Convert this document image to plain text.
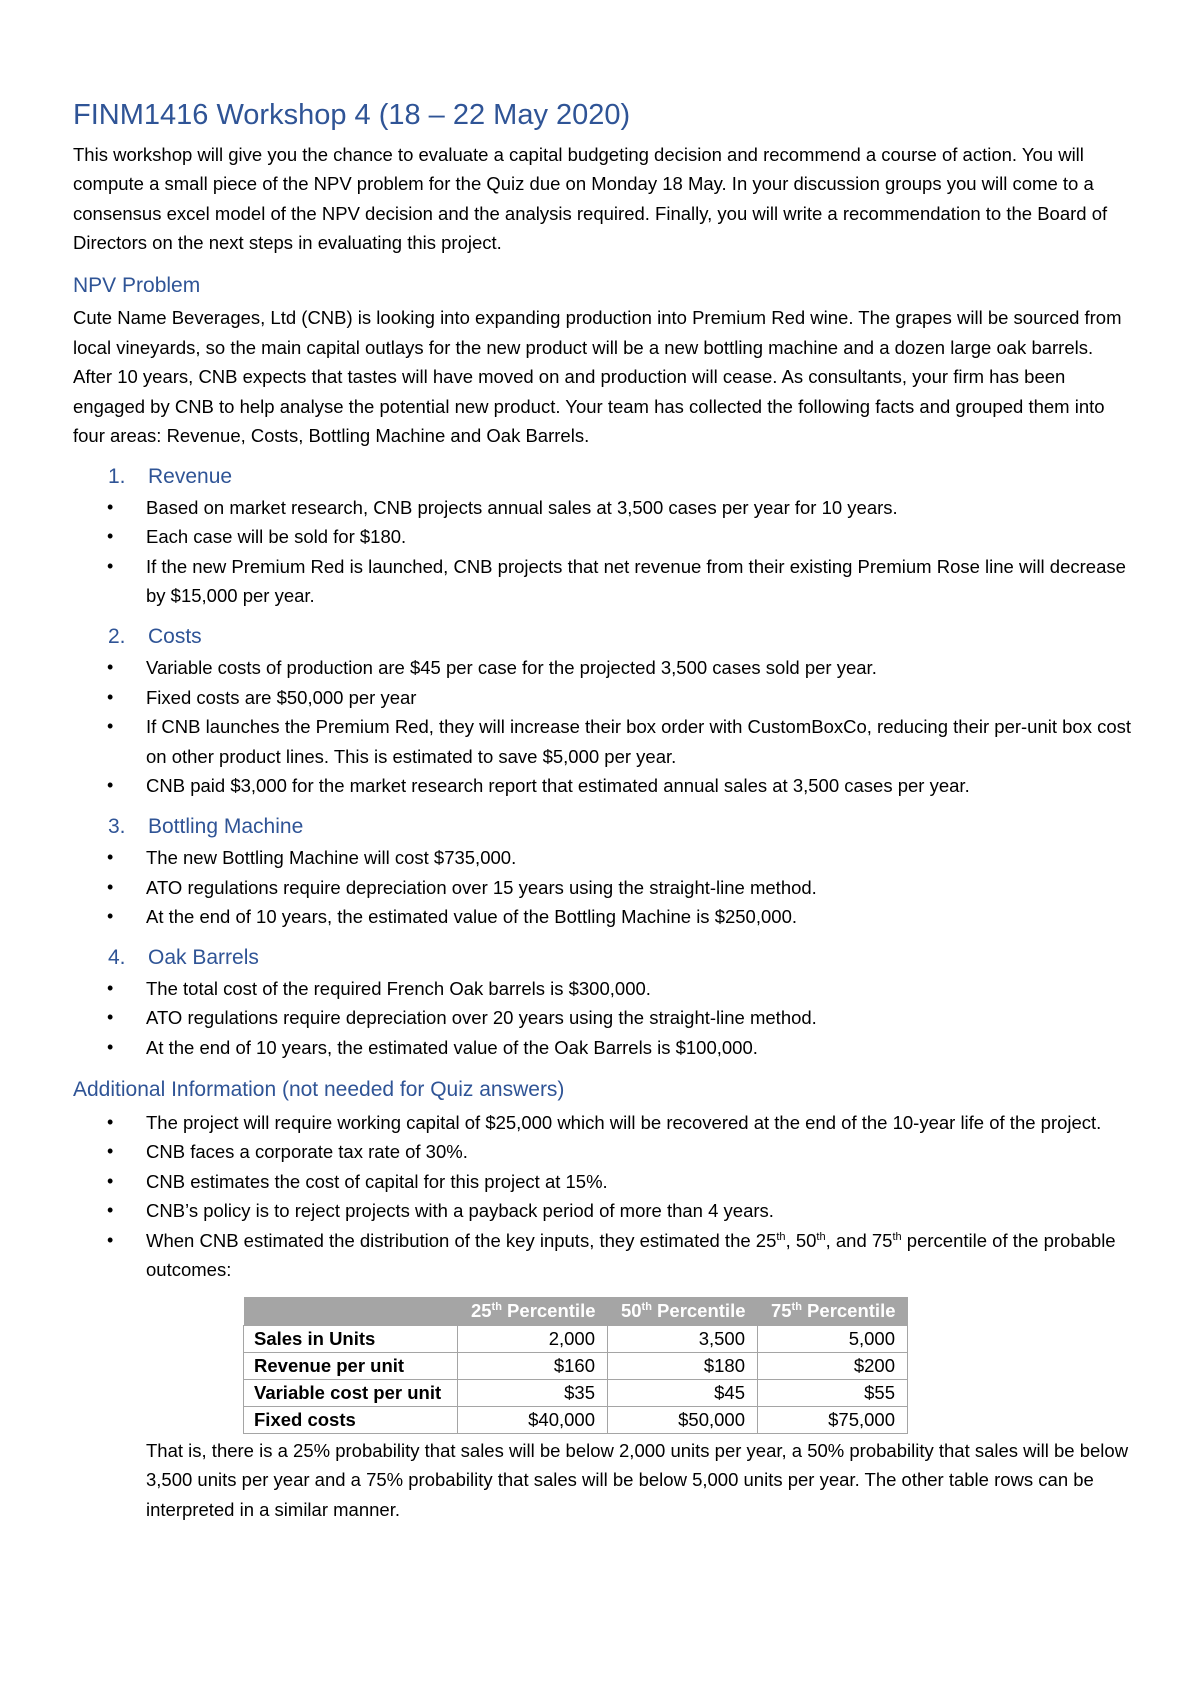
FINM1416 Workshop 4 (18 – 22 May 2020)

This workshop will give you the chance to evaluate a capital budgeting decision and recommend a course of action. You will compute a small piece of the NPV problem for the Quiz due on Monday 18 May. In your discussion groups you will come to a consensus excel model of the NPV decision and the analysis required. Finally, you will write a recommendation to the Board of Directors on the next steps in evaluating this project.

NPV Problem

Cute Name Beverages, Ltd (CNB) is looking into expanding production into Premium Red wine. The grapes will be sourced from local vineyards, so the main capital outlays for the new product will be a new bottling machine and a dozen large oak barrels. After 10 years, CNB expects that tastes will have moved on and production will cease. As consultants, your firm has been engaged by CNB to help analyse the potential new product. Your team has collected the following facts and grouped them into four areas: Revenue, Costs, Bottling Machine and Oak Barrels.

1.	Revenue
• Based on market research, CNB projects annual sales at 3,500 cases per year for 10 years.
• Each case will be sold for $180.
• If the new Premium Red is launched, CNB projects that net revenue from their existing Premium Rose line will decrease by $15,000 per year.
2.	Costs
• Variable costs of production are $45 per case for the projected 3,500 cases sold per year.
• Fixed costs are $50,000 per year
• If CNB launches the Premium Red, they will increase their box order with CustomBoxCo, reducing their per-unit box cost on other product lines. This is estimated to save $5,000 per year.
• CNB paid $3,000 for the market research report that estimated annual sales at 3,500 cases per year.
3.	Bottling Machine
• The new Bottling Machine will cost $735,000.
• ATO regulations require depreciation over 15 years using the straight-line method.
• At the end of 10 years, the estimated value of the Bottling Machine is $250,000.
4.	Oak Barrels
• The total cost of the required French Oak barrels is $300,000.
• ATO regulations require depreciation over 20 years using the straight-line method.
• At the end of 10 years, the estimated value of the Oak Barrels is $100,000.
Additional Information (not needed for Quiz answers)
• The project will require working capital of $25,000 which will be recovered at the end of the 10-year life of the project.
• CNB faces a corporate tax rate of 30%.
• CNB estimates the cost of capital for this project at 15%.
• CNB’s policy is to reject projects with a payback period of more than 4 years.
• When CNB estimated the distribution of the key inputs, they estimated the 25th, 50th, and 75th percentile of the probable outcomes:
	25th Percentile	50th Percentile	75th Percentile
Sales in Units	2,000	3,500	5,000
Revenue per unit	$160	$180	$200
Variable cost per unit	$35	$45	$55
Fixed costs	$40,000	$50,000	$75,000

That is, there is a 25% probability that sales will be below 2,000 units per year, a 50% probability that sales will be below 3,500 units per year and a 75% probability that sales will be below 5,000 units per year. The other table rows can be interpreted in a similar manner.
